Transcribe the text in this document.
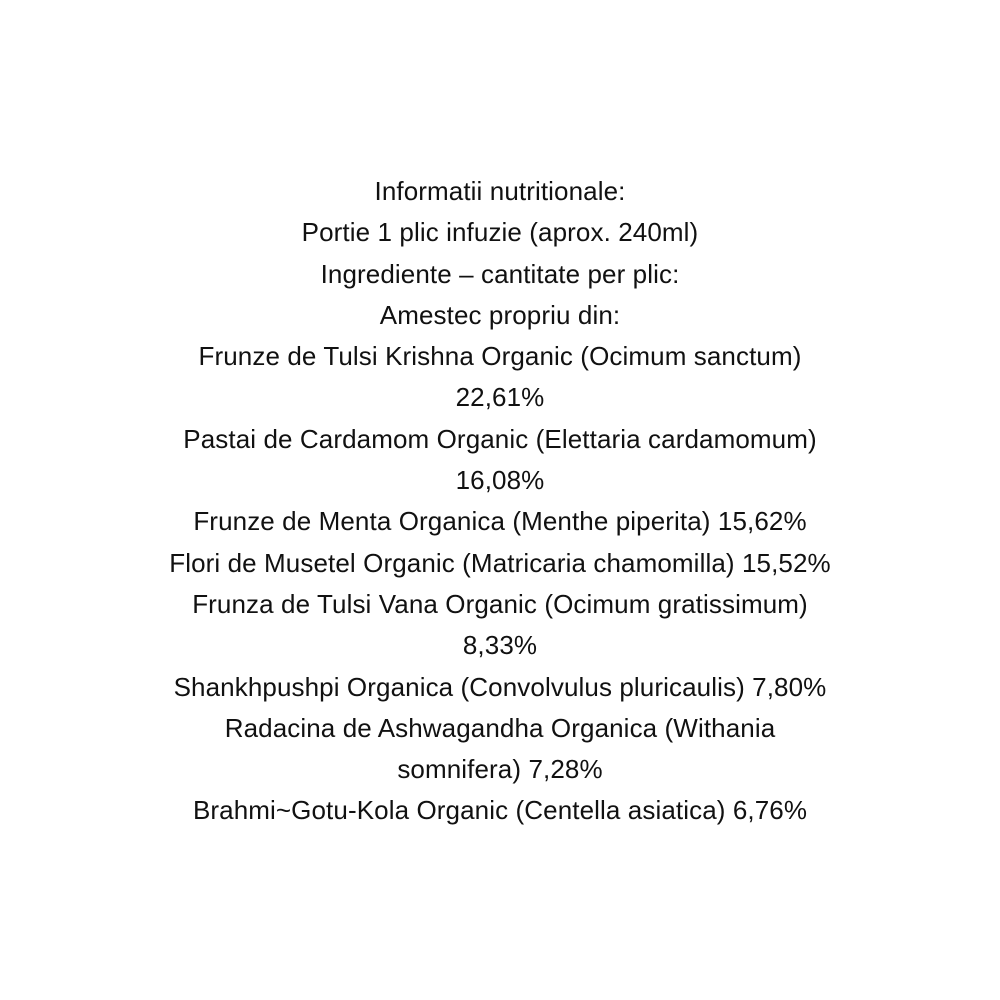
Informatii nutritionale:
Portie 1 plic infuzie (aprox. 240ml)
Ingrediente – cantitate per plic:
Amestec propriu din:
Frunze de Tulsi Krishna Organic (Ocimum sanctum)
22,61%
Pastai de Cardamom Organic (Elettaria cardamomum)
16,08%
Frunze de Menta Organica (Menthe piperita) 15,62%
Flori de Musetel Organic (Matricaria chamomilla) 15,52%
Frunza de Tulsi Vana Organic (Ocimum gratissimum)
8,33%
Shankhpushpi Organica (Convolvulus pluricaulis) 7,80%
Radacina de Ashwagandha Organica (Withania
somnifera) 7,28%
Brahmi~Gotu-Kola Organic (Centella asiatica) 6,76%
